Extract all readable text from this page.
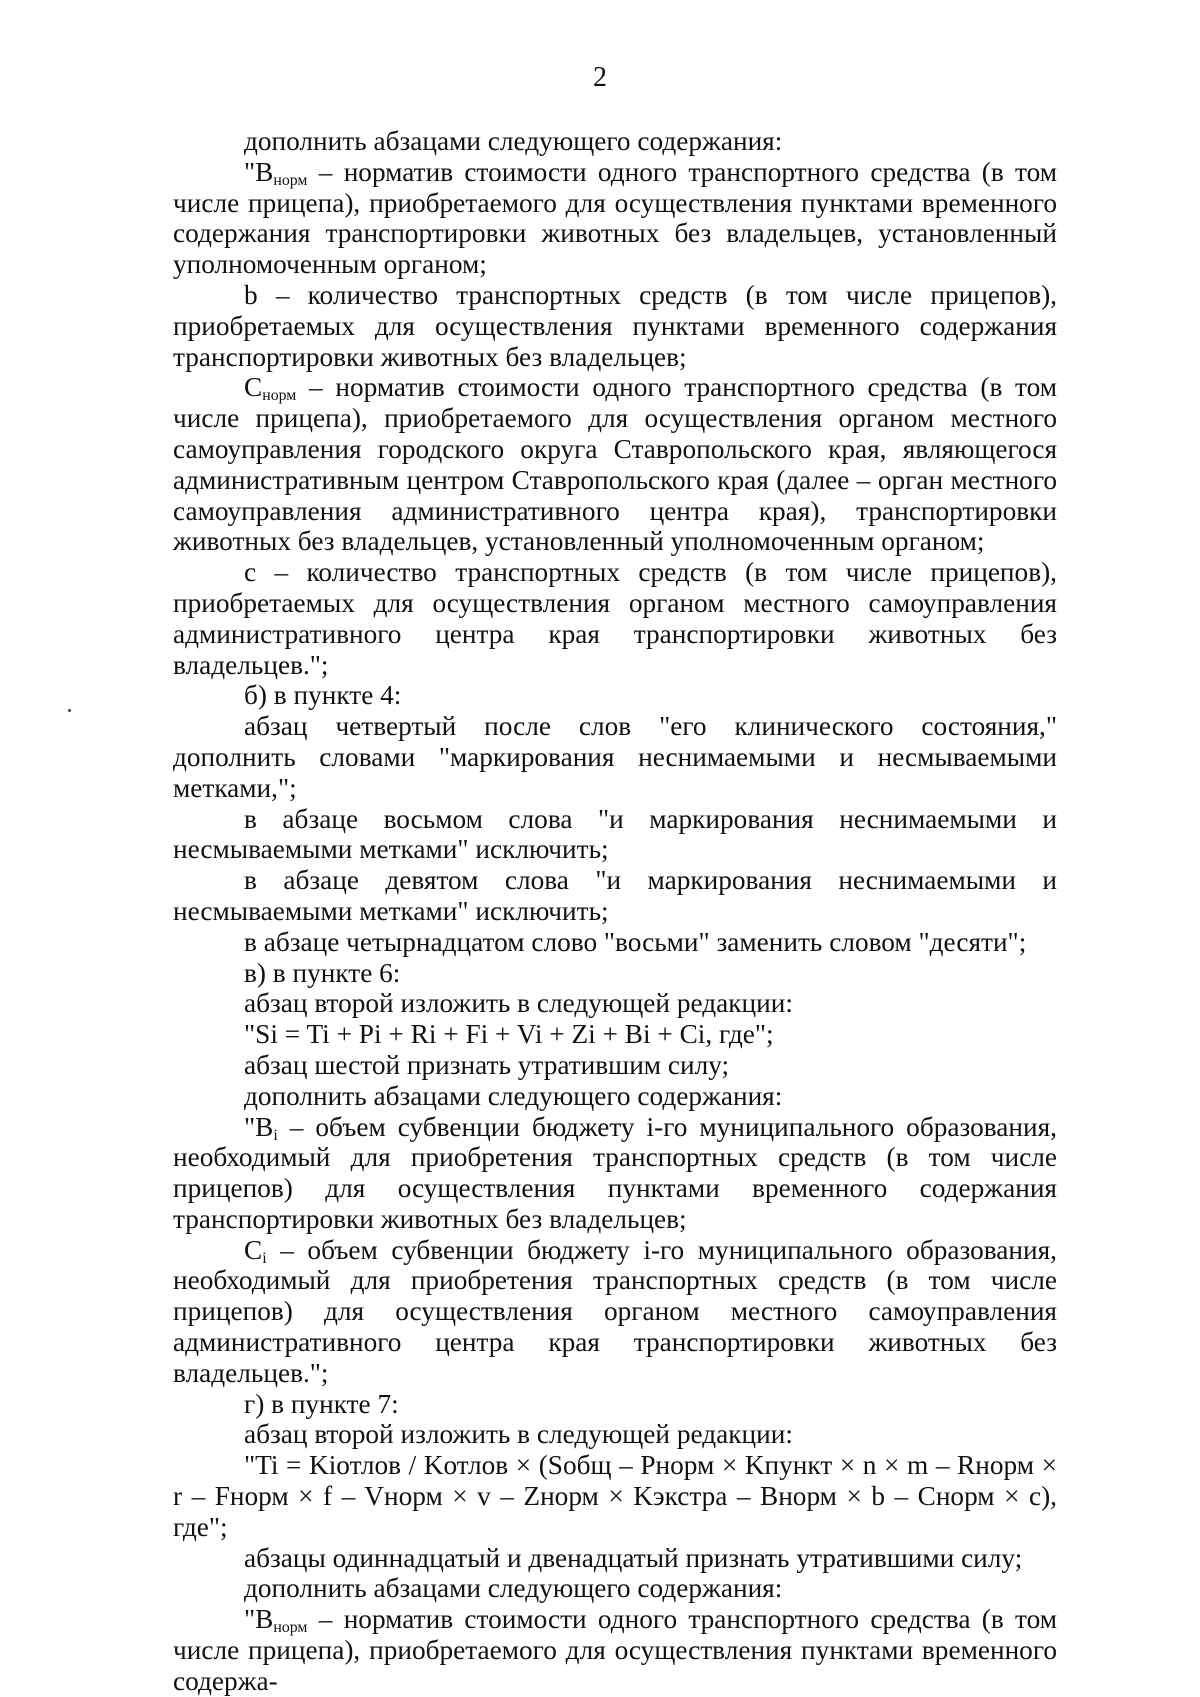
2

дополнить абзацами следующего содержания:

"$B_{норм}$ – норматив стоимости одного транспортного средства (в том числе прицепа), приобретаемого для осуществления пунктами временного содержания транспортировки животных без владельцев, установленный уполномоченным органом;

b – количество транспортных средств (в том числе прицепов), приобретаемых для осуществления пунктами временного содержания транспортировки животных без владельцев;

$C_{норм}$ – норматив стоимости одного транспортного средства (в том числе прицепа), приобретаемого для осуществления органом местного самоуправления городского округа Ставропольского края, являющегося административным центром Ставропольского края (далее – орган местного самоуправления административного центра края), транспортировки животных без владельцев, установленный уполномоченным органом;

с – количество транспортных средств (в том числе прицепов), приобретаемых для осуществления органом местного самоуправления административного центра края транспортировки животных без владельцев.";

б) в пункте 4:

абзац четвертый после слов "его клинического состояния," дополнить словами "маркирования неснимаемыми и несмываемыми метками,";

в абзаце восьмом слова "и маркирования неснимаемыми и несмываемыми метками" исключить;

в абзаце девятом слова "и маркирования неснимаемыми и несмываемыми метками" исключить;

в абзаце четырнадцатом слово "восьми" заменить словом "десяти";

в) в пункте 6:

абзац второй изложить в следующей редакции:

"Si = Ti + Pi + Ri + Fi + Vi + Zi + Bi + Ci, где";

абзац шестой признать утратившим силу;

дополнить абзацами следующего содержания:

"$B_i$ – объем субвенции бюджету i-го муниципального образования, необходимый для приобретения транспортных средств (в том числе прицепов) для осуществления пунктами временного содержания транспортировки животных без владельцев;

$C_i$ – объем субвенции бюджету i-го муниципального образования, необходимый для приобретения транспортных средств (в том числе прицепов) для осуществления органом местного самоуправления административного центра края транспортировки животных без владельцев.";

г) в пункте 7:

абзац второй изложить в следующей редакции:

"Ti = Kiотлов / Kотлов × (Sобщ – Pнорм × Kпункт × n × m – Rнорм × r – Fнорм × f – Vнорм × v – Zнорм × Kэкстра – Bнорм × b – Cнорм × c), где";

абзацы одиннадцатый и двенадцатый признать утратившими силу;

дополнить абзацами следующего содержания:

"$B_{норм}$ – норматив стоимости одного транспортного средства (в том числе прицепа), приобретаемого для осуществления пунктами временного содержа-
